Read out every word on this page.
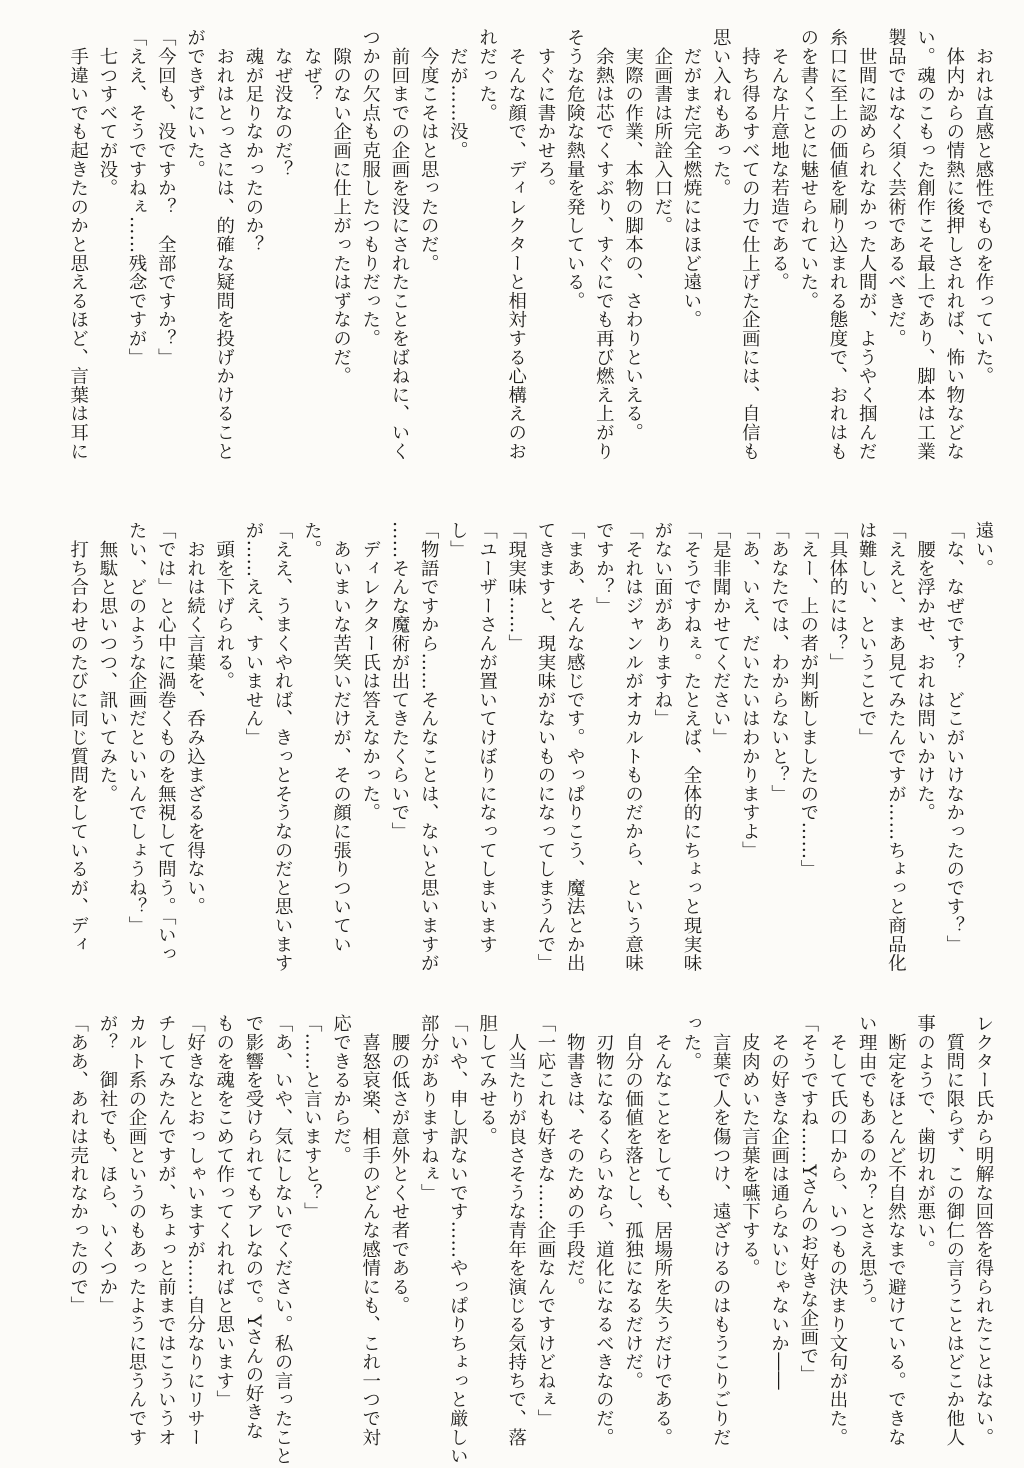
　おれは直感と感性でものを作っていた。
　体内からの情熱に後押しされれば、怖い物などな
い。魂のこもった創作こそ最上であり、脚本は工業
製品ではなく須く芸術であるべきだ。
　世間に認められなかった人間が、ようやく掴んだ
糸口に至上の価値を刷り込まれる態度で、おれはも
のを書くことに魅せられていた。
　そんな片意地な若造である。
　持ち得るすべての力で仕上げた企画には、自信も
思い入れもあった。
　だがまだ完全燃焼にはほど遠い。
　企画書は所詮入口だ。
　実際の作業、本物の脚本の、さわりといえる。
　余熱は芯でくすぶり、すぐにでも再び燃え上がり
そうな危険な熱量を発している。
　すぐに書かせろ。
　そんな顔で、ディレクターと相対する心構えのお
れだった。
　だが……没。
　今度こそはと思ったのだ。
　前回までの企画を没にされたことをばねに、いく
つかの欠点も克服したつもりだった。
　隙のない企画に仕上がったはずなのだ。
　なぜ？
　なぜ没なのだ？
　魂が足りなかったのか？
　おれはとっさには、的確な疑問を投げかけること
ができずにいた。
「今回も、没ですか？　全部ですか？」
「ええ、そうですねぇ……残念ですが」
　七つすべてが没。
　手違いでも起きたのかと思えるほど、言葉は耳に
遠い。
「な、なぜです？　どこがいけなかったのです？」
　腰を浮かせ、おれは問いかけた。
「ええと、まあ見てみたんですが……ちょっと商品化
は難しい、ということで」
「具体的には？」
「えー、上の者が判断しましたので……」
「あなたでは、わからないと？」
「あ、いえ、だいたいはわかりますよ」
「是非聞かせてください」
「そうですねぇ。たとえば、全体的にちょっと現実味
がない面がありますね」
「それはジャンルがオカルトものだから、という意味
ですか？」
「まあ、そんな感じです。やっぱりこう、魔法とか出
てきますと、現実味がないものになってしまうんで」
「現実味……」
「ユーザーさんが置いてけぼりになってしまいます
し」
「物語ですから……そんなことは、ないと思いますが
……そんな魔術が出てきたくらいで」
　ディレクター氏は答えなかった。
　あいまいな苦笑いだけが、その顔に張りついてい
た。
「ええ、うまくやれば、きっとそうなのだと思います
が……ええ、すいません」
　頭を下げられる。
　おれは続く言葉を、呑み込まざるを得ない。
「では」と心中に渦巻くものを無視して問う。「いっ
たい、どのような企画だといいんでしょうね？」
　無駄と思いつつ、訊いてみた。
　打ち合わせのたびに同じ質問をしているが、ディ
レクター氏から明解な回答を得られたことはない。
　質問に限らず、この御仁の言うことはどこか他人
事のようで、歯切れが悪い。
　断定をほとんど不自然なまで避けている。できな
い理由でもあるのか？とさえ思う。
　そして氏の口から、いつもの決まり文句が出た。
「そうですね……Yさんのお好きな企画で」
　その好きな企画は通らないじゃないか――
　皮肉めいた言葉を嚥下する。
　言葉で人を傷つけ、遠ざけるのはもうこりごりだ
った。
　そんなことをしても、居場所を失うだけである。
　自分の価値を落とし、孤独になるだけだ。
　刃物になるくらいなら、道化になるべきなのだ。
　物書きは、そのための手段だ。
「一応これも好きな……企画なんですけどねぇ」
　人当たりが良さそうな青年を演じる気持ちで、落
胆してみせる。
「いや、申し訳ないです……やっぱりちょっと厳しい
部分がありますねぇ」
　腰の低さが意外とくせ者である。
　喜怒哀楽、相手のどんな感情にも、これ一つで対
応できるからだ。
「……と言いますと？」
「あ、いや、気にしないでください。私の言ったこと
で影響を受けられてもアレなので。Yさんの好きな
ものを魂をこめて作ってくれればと思います」
「好きなとおっしゃいますが……自分なりにリサー
チしてみたんですが、ちょっと前まではこういうオ
カルト系の企画というのもあったように思うんです
が？　御社でも、ほら、いくつか」
「ああ、あれは売れなかったので」
